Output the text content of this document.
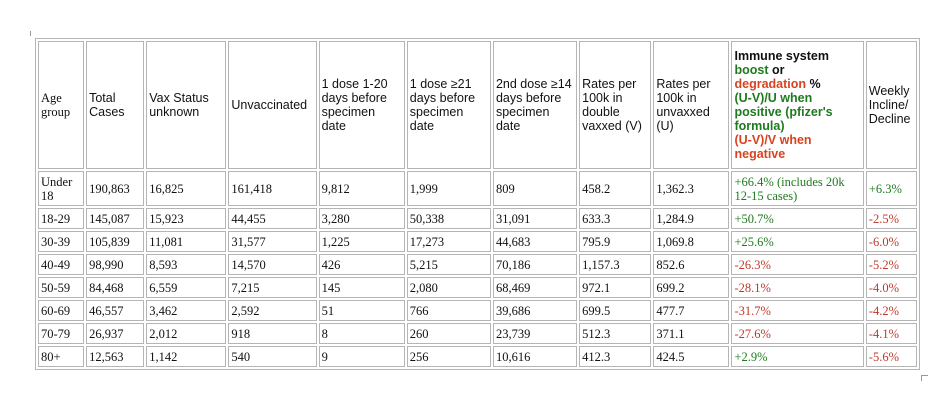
Age group	Total Cases	Vax Status unknown	Unvaccinated	1 dose 1-20 days before specimen date	1 dose ≥21 days before specimen date	2nd dose ≥14 days before specimen date	Rates per 100k in double vaxxed (V)	Rates per 100k in unvaxxed (U)	Immune system
boost or
degradation %
(U-V)/U when positive (pfizer's formula)
(U-V)/V when negative	Weekly Incline/ Decline
Under 18	190,863	16,825	161,418	9,812	1,999	809	458.2	1,362.3	+66.4% (includes 20k 12-15 cases)	+6.3%
18-29	145,087	15,923	44,455	3,280	50,338	31,091	633.3	1,284.9	+50.7%	-2.5%
30-39	105,839	11,081	31,577	1,225	17,273	44,683	795.9	1,069.8	+25.6%	-6.0%
40-49	98,990	8,593	14,570	426	5,215	70,186	1,157.3	852.6	-26.3%	-5.2%
50-59	84,468	6,559	7,215	145	2,080	68,469	972.1	699.2	-28.1%	-4.0%
60-69	46,557	3,462	2,592	51	766	39,686	699.5	477.7	-31.7%	-4.2%
70-79	26,937	2,012	918	8	260	23,739	512.3	371.1	-27.6%	-4.1%
80+	12,563	1,142	540	9	256	10,616	412.3	424.5	+2.9%	-5.6%
